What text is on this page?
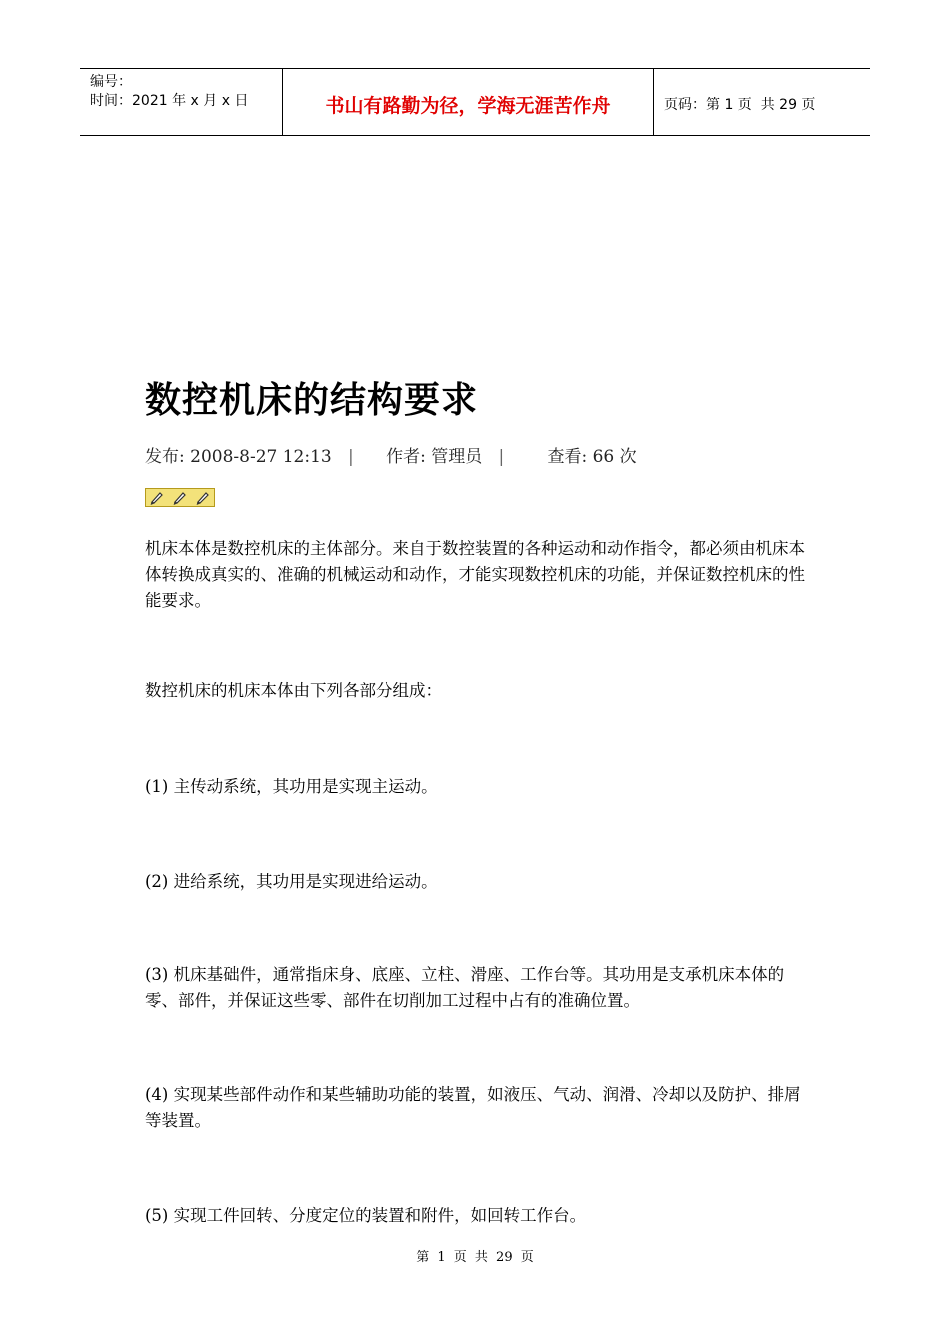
编号：
时间：2021 年 x 月 x 日	书山有路勤为径，学海无涯苦作舟	页码：第 1 页  共 29 页
数控机床的结构要求
发布: 2008-8-27 12:13 | 作者: 管理员 |	查看: 66 次
机床本体是数控机床的主体部分。来自于数控装置的各种运动和动作指令，都必须由机床本体转换成真实的、准确的机械运动和动作，才能实现数控机床的功能，并保证数控机床的性能要求。
数控机床的机床本体由下列各部分组成：
(1) 主传动系统，其功用是实现主运动。
(2) 进给系统，其功用是实现进给运动。
(3) 机床基础件，通常指床身、底座、立柱、滑座、工作台等。其功用是支承机床本体的零、部件，并保证这些零、部件在切削加工过程中占有的准确位置。
(4) 实现某些部件动作和某些辅助功能的装置，如液压、气动、润滑、冷却以及防护、排屑等装置。
(5) 实现工件回转、分度定位的装置和附件，如回转工作台。
第 1 页 共 29 页
